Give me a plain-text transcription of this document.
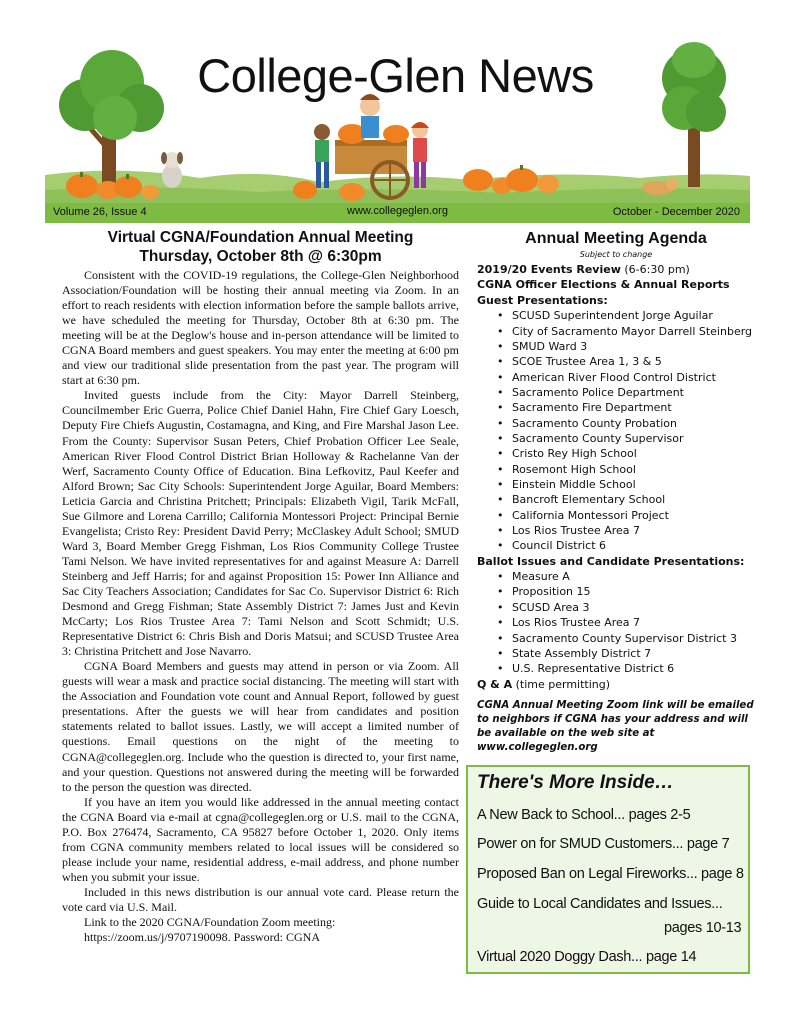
College-Glen News
Volume 26, Issue 4	www.collegeglen.org	October - December 2020
Virtual CGNA/Foundation Annual Meeting
Thursday, October 8th @ 6:30pm

Consistent with the COVID-19 regulations, the College-Glen Neighborhood Association/Foundation will be hosting their annual meeting via Zoom. In an effort to reach residents with election information before the sample ballots arrive, we have scheduled the meeting for Thursday, October 8th at 6:30 pm. The meeting will be at the Deglow's house and in-person attendance will be limited to CGNA Board members and guest speakers. You may enter the meeting at 6:00 pm and view our traditional slide presentation from the past year. The program will start at 6:30 pm.

Invited guests include from the City: Mayor Darrell Steinberg, Councilmember Eric Guerra, Police Chief Daniel Hahn, Fire Chief Gary Loesch, Deputy Fire Chiefs Augustin, Costamagna, and King, and Fire Marshal Jason Lee. From the County: Supervisor Susan Peters, Chief Probation Officer Lee Seale, American River Flood Control District Brian Holloway & Rachelanne Van der Werf, Sacramento County Office of Education. Bina Lefkovitz, Paul Keefer and Alford Brown; Sac City Schools: Superintendent Jorge Aguilar, Board Members: Leticia Garcia and Christina Pritchett; Principals: Elizabeth Vigil, Tarik McFall, Sue Gilmore and Lorena Carrillo; California Montessori Project: Principal Bernie Evangelista; Cristo Rey: President David Perry; McClaskey Adult School; SMUD Ward 3, Board Member Gregg Fishman, Los Rios Community College Trustee Tami Nelson. We have invited representatives for and against Measure A: Darrell Steinberg and Jeff Harris; for and against Proposition 15: Power Inn Alliance and Sac City Teachers Association; Candidates for Sac Co. Supervisor District 6: Rich Desmond and Gregg Fishman; State Assembly District 7: James Just and Kevin McCarty; Los Rios Trustee Area 7: Tami Nelson and Scott Schmidt; U.S. Representative District 6: Chris Bish and Doris Matsui; and SCUSD Trustee Area 3: Christina Pritchett and Jose Navarro.

CGNA Board Members and guests may attend in person or via Zoom. All guests will wear a mask and practice social distancing. The meeting will start with the Association and Foundation vote count and Annual Report, followed by guest presentations. After the guests we will hear from candidates and position statements related to ballot issues. Lastly, we will accept a limited number of questions. Email questions on the night of the meeting to CGNA@collegeglen.org. Include who the question is directed to, your first name, and your question. Questions not answered during the meeting will be forwarded to the person the question was directed.

If you have an item you would like addressed in the annual meeting contact the CGNA Board via e-mail at cgna@collegeglen.org or U.S. mail to the CGNA, P.O. Box 276474, Sacramento, CA 95827 before October 1, 2020. Only items from CGNA community members related to local issues will be considered so please include your name, residential address, e-mail address, and phone number when you submit your issue.

Included in this news distribution is our annual vote card. Please return the vote card via U.S. Mail.

Link to the 2020 CGNA/Foundation Zoom meeting:

https://zoom.us/j/9707190098. Password: CGNA

Annual Meeting Agenda
Subject to change
2019/20 Events Review (6-6:30 pm)
CGNA Officer Elections & Annual Reports
Guest Presentations:
• SCUSD Superintendent Jorge Aguilar
• City of Sacramento Mayor Darrell Steinberg
• SMUD Ward 3
• SCOE Trustee Area 1, 3 & 5
• American River Flood Control District
• Sacramento Police Department
• Sacramento Fire Department
• Sacramento County Probation
• Sacramento County Supervisor
• Cristo Rey High School
• Rosemont High School
• Einstein Middle School
• Bancroft Elementary School
• California Montessori Project
• Los Rios Trustee Area 7
• Council District 6
Ballot Issues and Candidate Presentations:
• Measure A
• Proposition 15
• SCUSD Area 3
• Los Rios Trustee Area 7
• Sacramento County Supervisor District 3
• State Assembly District 7
• U.S. Representative District 6
Q & A (time permitting)
CGNA Annual Meeting Zoom link will be emailed to neighbors if CGNA has your address and will be available on the web site at www.collegeglen.org
There's More Inside…
A New Back to School... pages 2-5
Power on for SMUD Customers... page 7
Proposed Ban on Legal Fireworks... page 8
Guide to Local Candidates and Issues...
pages 10-13
Virtual 2020 Doggy Dash... page 14
